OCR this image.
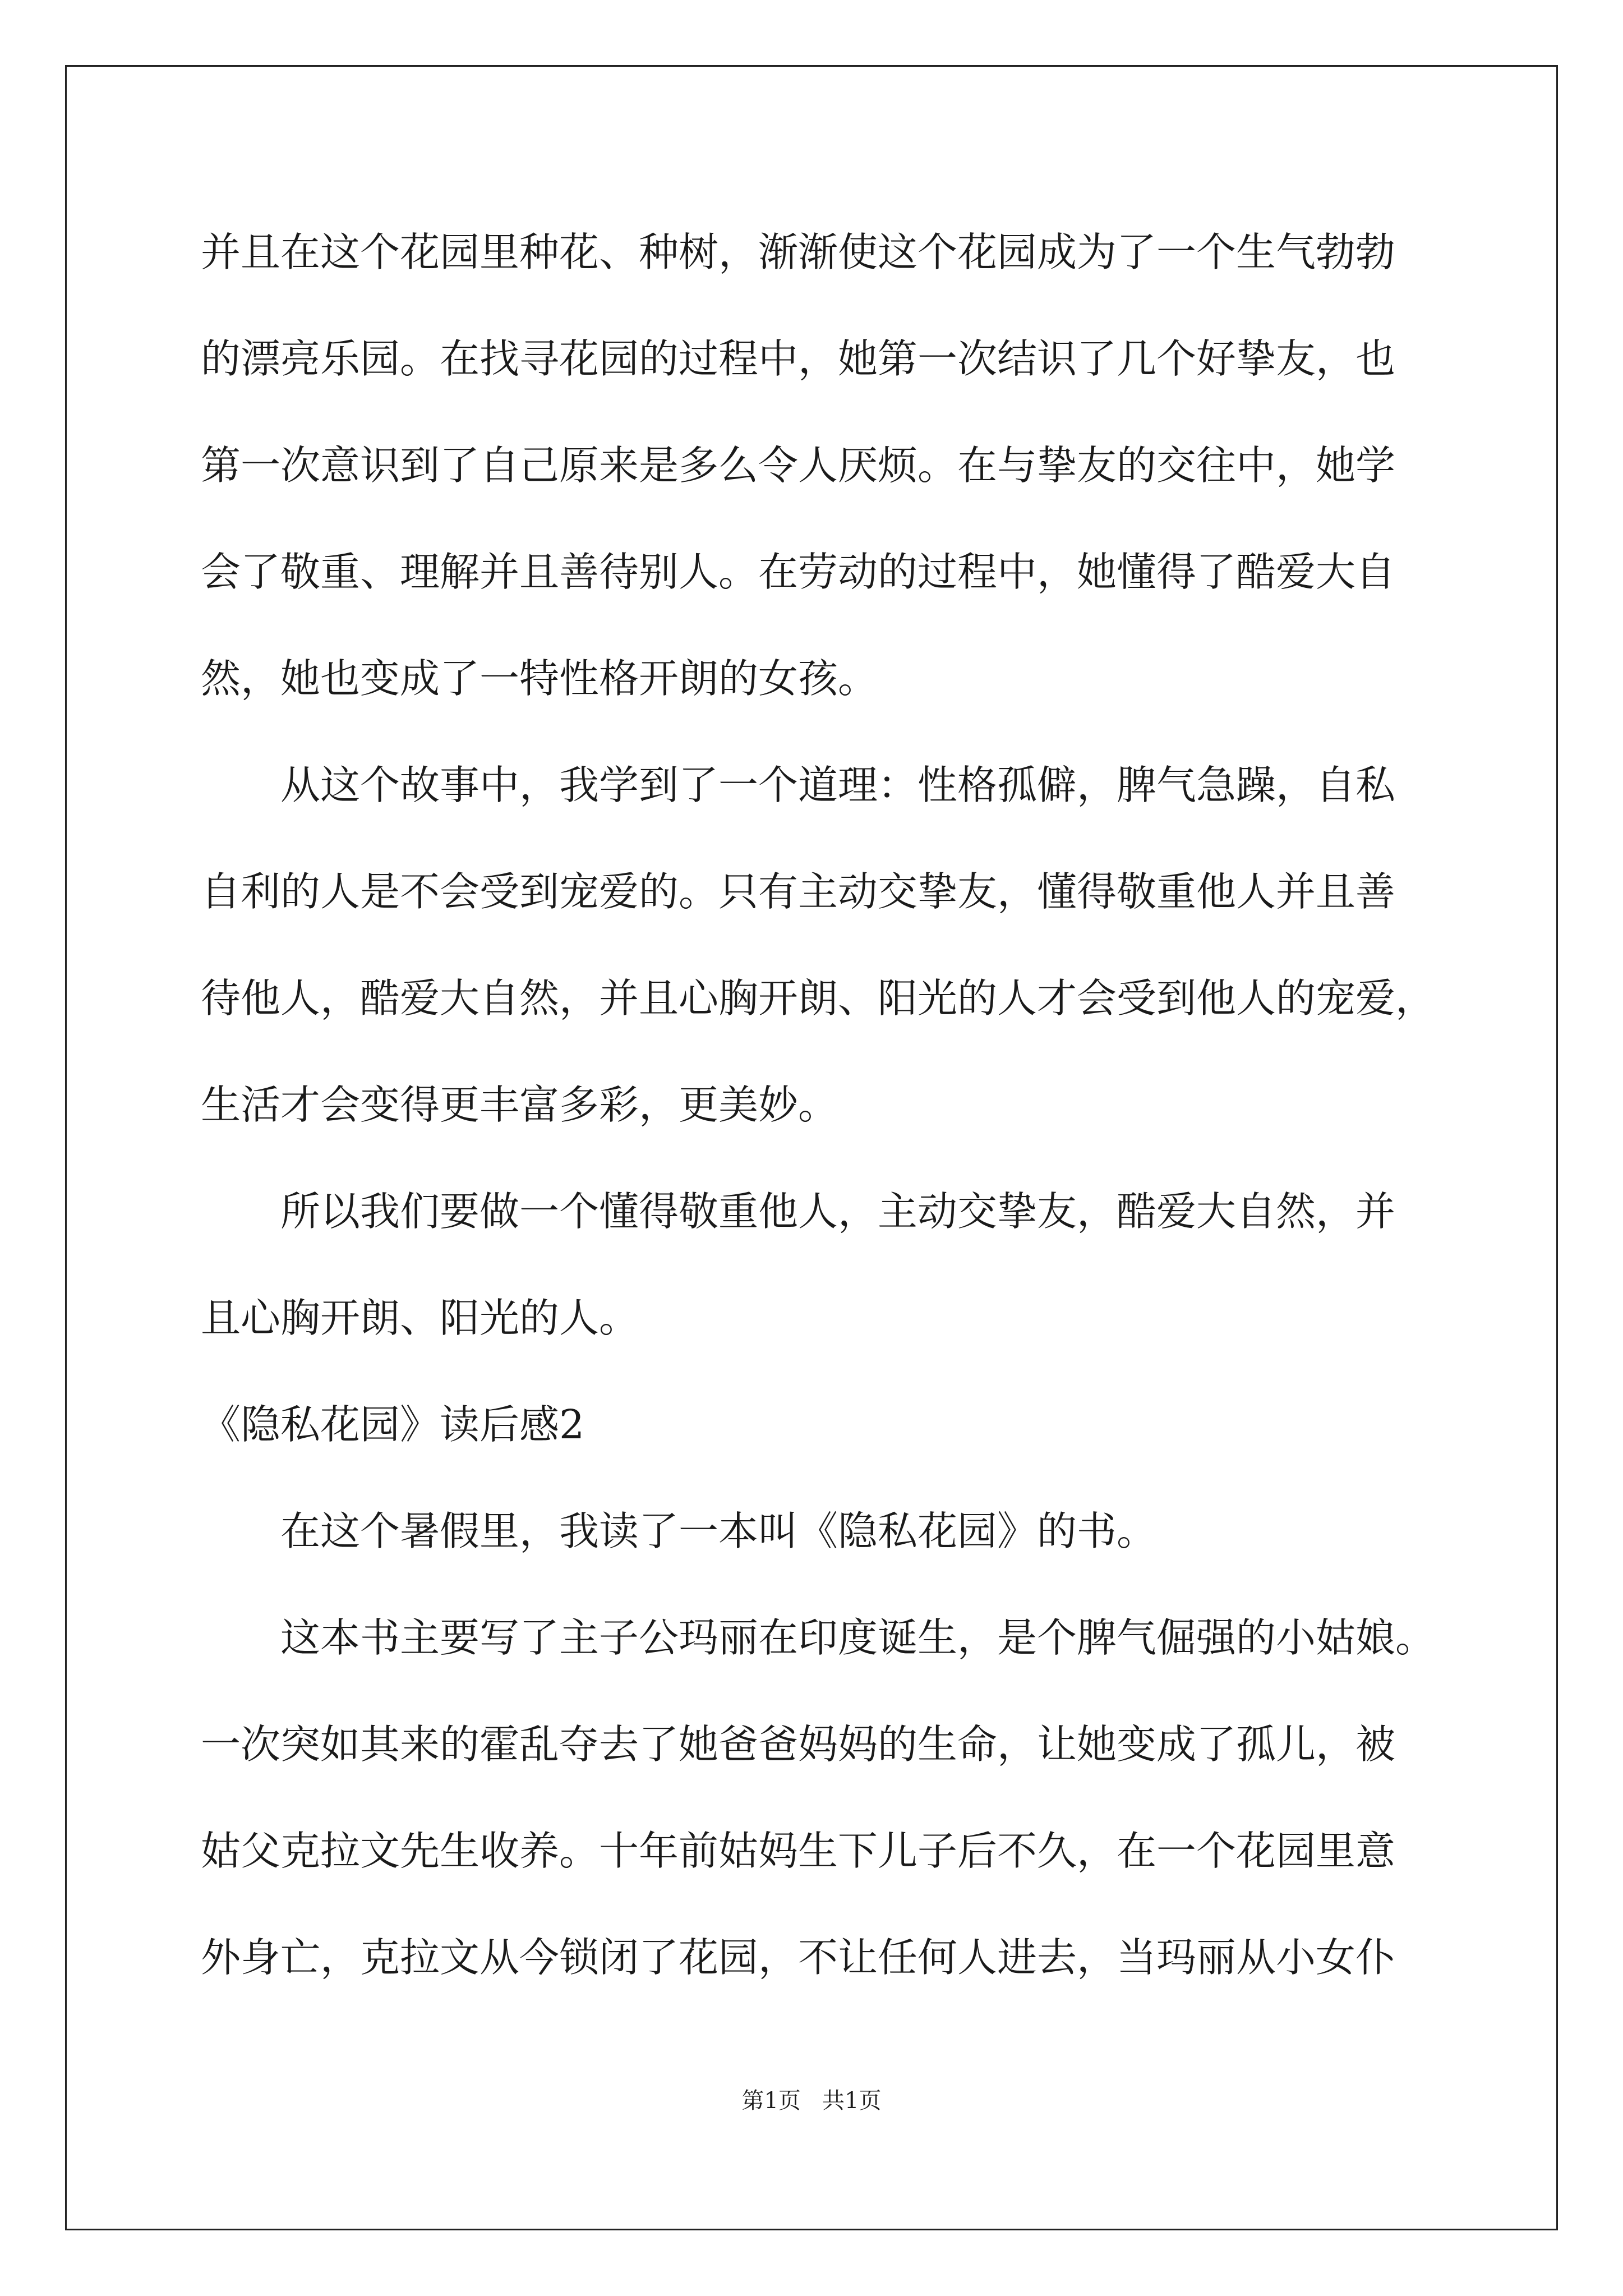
并且在这个花园里种花、种树，渐渐使这个花园成为了一个生气勃勃
的漂亮乐园。在找寻花园的过程中，她第一次结识了几个好挚友，也
第一次意识到了自己原来是多么令人厌烦。在与挚友的交往中，她学
会了敬重、理解并且善待别人。在劳动的过程中，她懂得了酷爱大自
然，她也变成了一特性格开朗的女孩。
从这个故事中，我学到了一个道理：性格孤僻，脾气急躁，自私
自利的人是不会受到宠爱的。只有主动交挚友，懂得敬重他人并且善
待他人，酷爱大自然，并且心胸开朗、阳光的人才会受到他人的宠爱，
生活才会变得更丰富多彩，更美妙。
所以我们要做一个懂得敬重他人，主动交挚友，酷爱大自然，并
且心胸开朗、阳光的人。
《隐私花园》读后感2
在这个暑假里，我读了一本叫《隐私花园》的书。
这本书主要写了主子公玛丽在印度诞生，是个脾气倔强的小姑娘。
一次突如其来的霍乱夺去了她爸爸妈妈的生命，让她变成了孤儿，被
姑父克拉文先生收养。十年前姑妈生下儿子后不久，在一个花园里意
外身亡，克拉文从今锁闭了花园，不让任何人进去，当玛丽从小女仆
第1页   共1页
